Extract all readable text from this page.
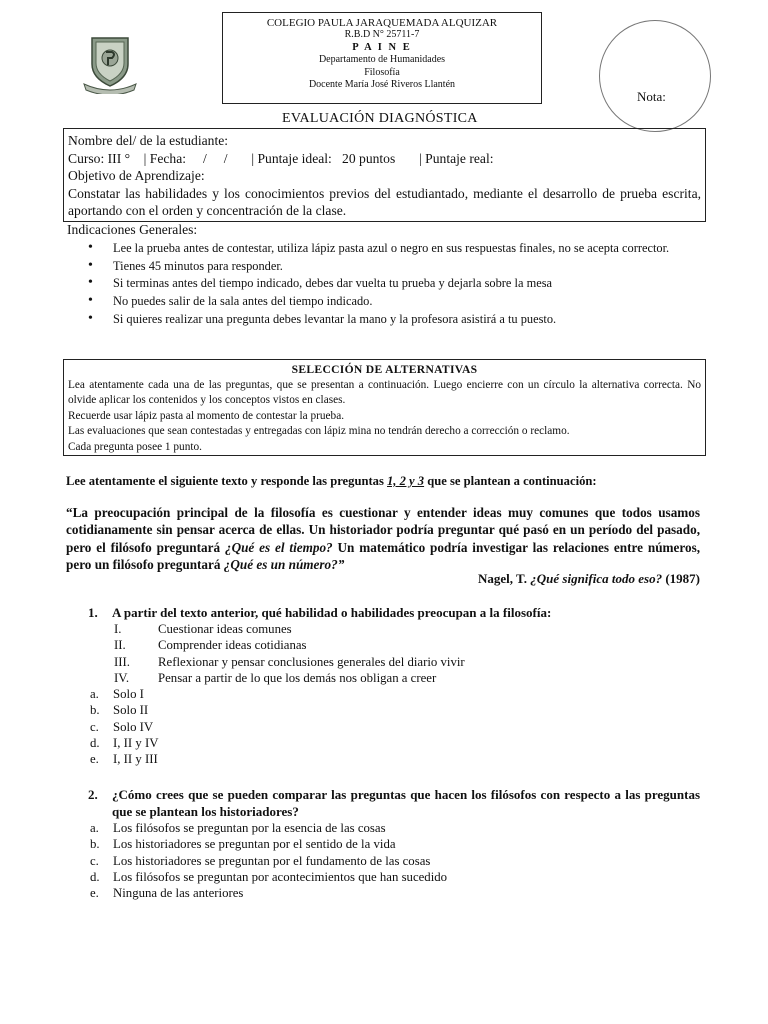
COLEGIO PAULA JARAQUEMADA ALQUIZAR
R.B.D N° 25711-7
P A I N E
Departamento de Humanidades
Filosofía
Docente María José Riveros Llantén
Nota:
EVALUACIÓN DIAGNÓSTICA
Nombre del/ de la estudiante:
Curso: III °    | Fecha:     /     /       | Puntaje ideal:   20 puntos       | Puntaje real:
Objetivo de Aprendizaje:
Constatar las habilidades y los conocimientos previos del estudiantado, mediante el desarrollo de prueba escrita, aportando con el orden y concentración de la clase.
Indicaciones Generales:
• Lee la prueba antes de contestar, utiliza lápiz pasta azul o negro en sus respuestas finales, no se acepta corrector.
• Tienes 45 minutos para responder.
• Si terminas antes del tiempo indicado, debes dar vuelta tu prueba y dejarla sobre la mesa
• No puedes salir de la sala antes del tiempo indicado.
• Si quieres realizar una pregunta debes levantar la mano y la profesora asistirá a tu puesto.
SELECCIÓN DE ALTERNATIVAS
Lea atentamente cada una de las preguntas, que se presentan a continuación. Luego encierre con un círculo la alternativa correcta. No olvide aplicar los contenidos y los conceptos vistos en clases.
Recuerde usar lápiz pasta al momento de contestar la prueba.
Las evaluaciones que sean contestadas y entregadas con lápiz mina no tendrán derecho a corrección o reclamo.
Cada pregunta posee 1 punto.
Lee atentamente el siguiente texto y responde las preguntas 1, 2 y 3 que se plantean a continuación:
“La preocupación principal de la filosofía es cuestionar y entender ideas muy comunes que todos usamos cotidianamente sin pensar acerca de ellas. Un historiador podría preguntar qué pasó en un período del pasado, pero el filósofo preguntará ¿Qué es el tiempo? Un matemático podría investigar las relaciones entre números, pero un filósofo preguntará ¿Qué es un número?”
Nagel, T. ¿Qué significa todo eso? (1987)
1. A partir del texto anterior, qué habilidad o habilidades preocupan a la filosofía:
I.	Cuestionar ideas comunes
II.	Comprender ideas cotidianas
III. Reflexionar y pensar conclusiones generales del diario vivir
IV. Pensar a partir de lo que los demás nos obligan a creer
a. Solo I
b. Solo II
c. Solo IV
d. I, II y IV
e. I, II y III
2. ¿Cómo crees que se pueden comparar las preguntas que hacen los filósofos con respecto a las preguntas que se plantean los historiadores?
a. Los filósofos se preguntan por la esencia de las cosas
b. Los historiadores se preguntan por el sentido de la vida
c. Los historiadores se preguntan por el fundamento de las cosas
d. Los filósofos se preguntan por acontecimientos que han sucedido
e. Ninguna de las anteriores
